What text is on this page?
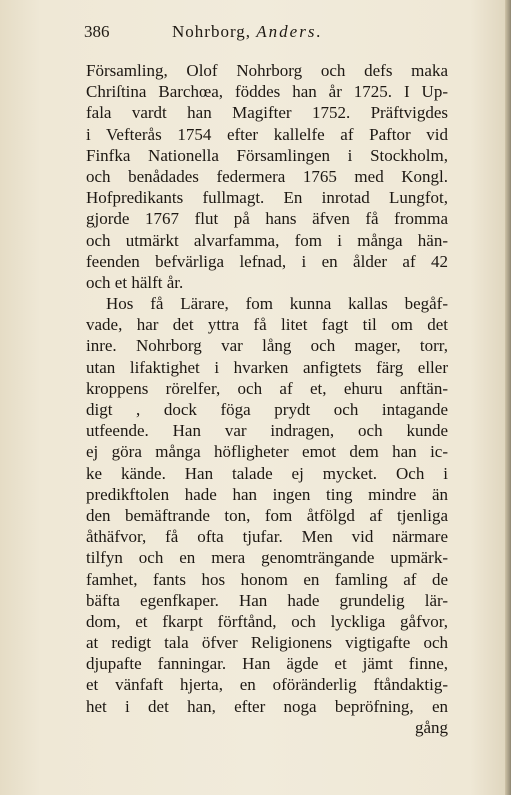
386	Nohrborg, Anders.
Församling, Olof Nohrborg och defs maka
Chriſtina Barchœa, föddes han år 1725. I Up-
fala vardt han Magifter 1752. Präftvigdes
i Vefterås 1754 efter kallelfe af Paftor vid
Finfka Nationella Församlingen i Stockholm,
och benådades federmera 1765 med Kongl.
Hofpredikants fullmagt. En inrotad Lungfot,
gjorde 1767 flut på hans äfven få fromma
och utmärkt alvarfamma, fom i många hän-
feenden befvärliga lefnad, i en ålder af 42
och et hälft år.
Hos få Lärare, fom kunna kallas begåf-
vade, har det yttra få litet fagt til om det
inre. Nohrborg var lång och mager, torr,
utan lifaktighet i hvarken anfigtets färg eller
kroppens rörelfer, och af et, ehuru anftän-
digt , dock föga prydt och intagande
utfeende. Han var indragen, och kunde
ej göra många höfligheter emot dem han ic-
ke kände. Han talade ej mycket. Och i
predikftolen hade han ingen ting mindre än
den bemäftrande ton, fom åtfölgd af tjenliga
åthäfvor, få ofta tjufar. Men vid närmare
tilfyn och en mera genomträngande upmärk-
famhet, fants hos honom en famling af de
bäfta egenfkaper. Han hade grundelig lär-
dom, et fkarpt förftånd, och lyckliga gåfvor,
at redigt tala öfver Religionens vigtigafte och
djupafte fanningar. Han ägde et jämt finne,
et vänfaft hjerta, en oföränderlig ftåndaktig-
het i det han, efter noga bepröfning, en
gång
